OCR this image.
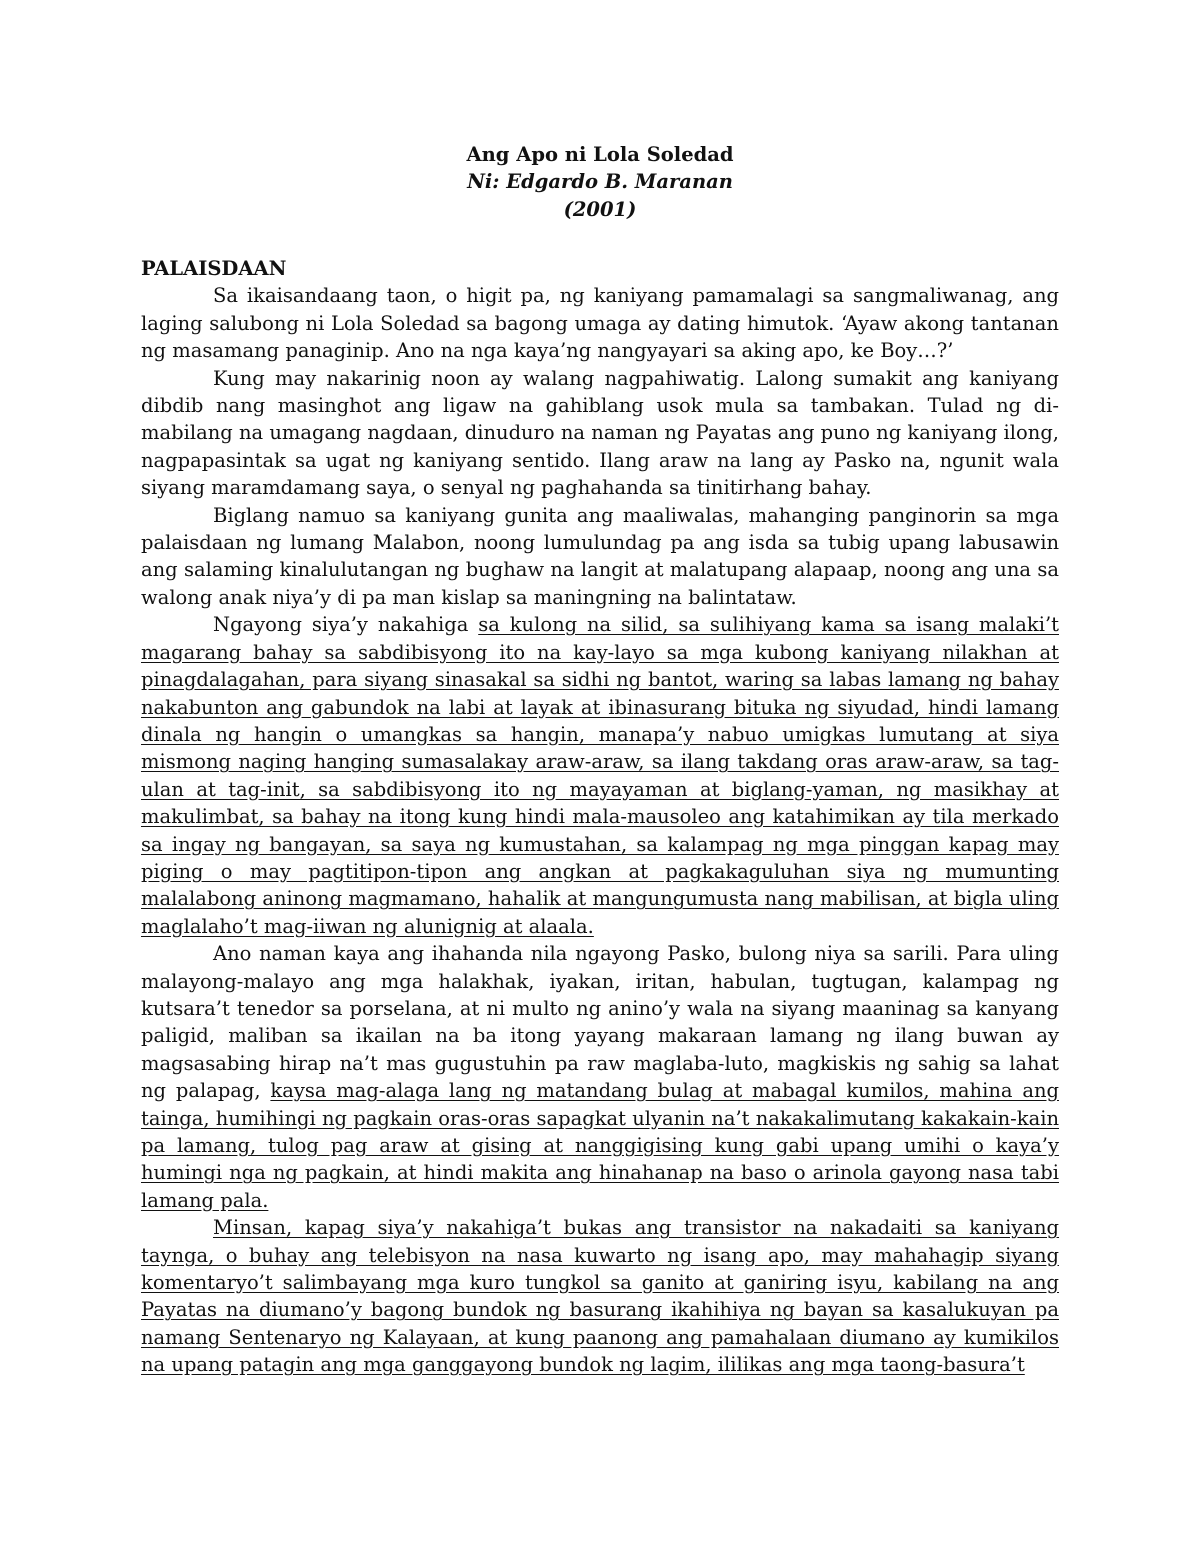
Ang Apo ni Lola Soledad
Ni: Edgardo B. Maranan
(2001)
PALAISDAAN

Sa ikaisandaang taon, o higit pa, ng kaniyang pamamalagi sa sangmaliwanag, ang laging salubong ni Lola Soledad sa bagong umaga ay dating himutok. ‘Ayaw akong tantanan ng masamang panaginip. Ano na nga kaya’ng nangyayari sa aking apo, ke Boy…?’

Kung may nakarinig noon ay walang nagpahiwatig. Lalong sumakit ang kaniyang dibdib nang masinghot ang ligaw na gahiblang usok mula sa tambakan. Tulad ng di-mabilang na umagang nagdaan, dinuduro na naman ng Payatas ang puno ng kaniyang ilong, nagpapasintak sa ugat ng kaniyang sentido. Ilang araw na lang ay Pasko na, ngunit wala siyang maramdamang saya, o senyal ng paghahanda sa tinitirhang bahay.

Biglang namuo sa kaniyang gunita ang maaliwalas, mahanging panginorin sa mga palaisdaan ng lumang Malabon, noong lumulundag pa ang isda sa tubig upang labusawin ang salaming kinalulutangan ng bughaw na langit at malatupang alapaap, noong ang una sa walong anak niya’y di pa man kislap sa maningning na balintataw.

Ngayong siya’y nakahiga sa kulong na silid, sa sulihiyang kama sa isang malaki’t magarang bahay sa sabdibisyong ito na kay-layo sa mga kubong kaniyang nilakhan at pinagdalagahan, para siyang sinasakal sa sidhi ng bantot, waring sa labas lamang ng bahay nakabunton ang gabundok na labi at layak at ibinasurang bituka ng siyudad, hindi lamang dinala ng hangin o umangkas sa hangin, manapa’y nabuo umigkas lumutang at siya mismong naging hanging sumasalakay araw-araw, sa ilang takdang oras araw-araw, sa tag-ulan at tag-init, sa sabdibisyong ito ng mayayaman at biglang-yaman, ng masikhay at makulimbat, sa bahay na itong kung hindi mala-mausoleo ang katahimikan ay tila merkado sa ingay ng bangayan, sa saya ng kumustahan, sa kalampag ng mga pinggan kapag may piging o may pagtitipon-tipon ang angkan at pagkakaguluhan siya ng mumunting malalabong aninong magmamano, hahalik at mangungumusta nang mabilisan, at bigla uling maglalaho’t mag-iiwan ng alunignig at alaala.

Ano naman kaya ang ihahanda nila ngayong Pasko, bulong niya sa sarili. Para uling malayong-malayo ang mga halakhak, iyakan, iritan, habulan, tugtugan, kalampag ng kutsara’t tenedor sa porselana, at ni multo ng anino’y wala na siyang maaninag sa kanyang paligid, maliban sa ikailan na ba itong yayang makaraan lamang ng ilang buwan ay magsasabing hirap na’t mas gugustuhin pa raw maglaba-luto, magkiskis ng sahig sa lahat ng palapag, kaysa mag-alaga lang ng matandang bulag at mabagal kumilos, mahina ang tainga, humihingi ng pagkain oras-oras sapagkat ulyanin na’t nakakalimutang kakakain-kain pa lamang, tulog pag araw at gising at nanggigising kung gabi upang umihi o kaya’y humingi nga ng pagkain, at hindi makita ang hinahanap na baso o arinola gayong nasa tabi lamang pala.

Minsan, kapag siya’y nakahiga’t bukas ang transistor na nakadaiti sa kaniyang taynga, o buhay ang telebisyon na nasa kuwarto ng isang apo, may mahahagip siyang komentaryo’t salimbayang mga kuro tungkol sa ganito at ganiring isyu, kabilang na ang Payatas na diumano’y bagong bundok ng basurang ikahihiya ng bayan sa kasalukuyan pa namang Sentenaryo ng Kalayaan, at kung paanong ang pamahalaan diumano ay kumikilos na upang patagin ang mga ganggayong bundok ng lagim, ililikas ang mga taong-basura’t
